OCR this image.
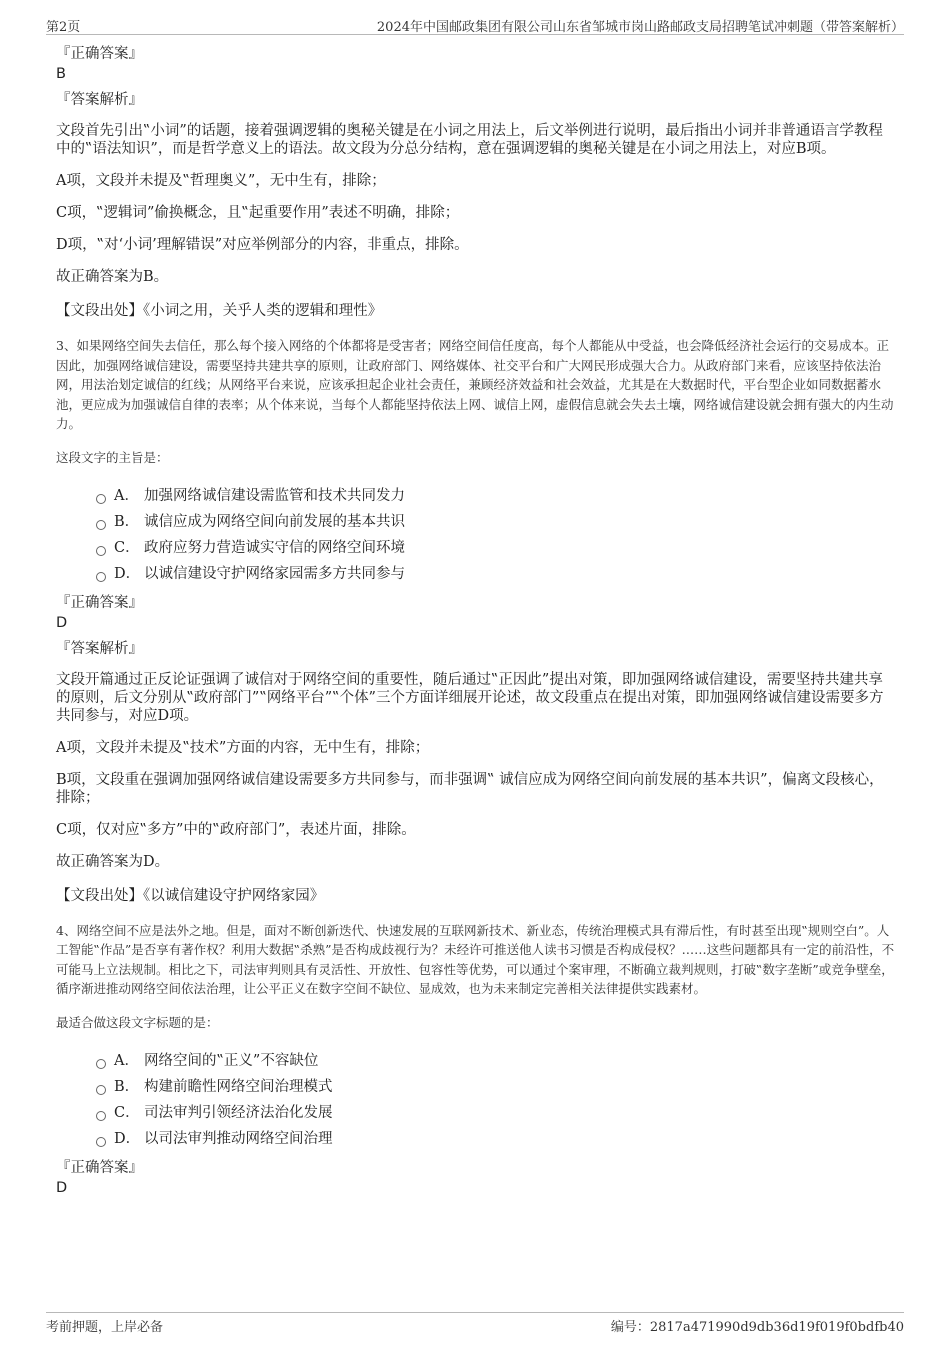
第2页	2024年中国邮政集团有限公司山东省邹城市岗山路邮政支局招聘笔试冲刺题（带答案解析）
『正确答案』
B
『答案解析』
文段首先引出‟小词”的话题，接着强调逻辑的奥秘关键是在小词之用法上，后文举例进行说明，最后指出小词并非普通语言学教程中的‟语法知识”，而是哲学意义上的语法。故文段为分总分结构，意在强调逻辑的奥秘关键是在小词之用法上，对应B项。
A项，文段并未提及‟哲理奥义”，无中生有，排除；
C项，‟逻辑词”偷换概念，且‟起重要作用”表述不明确，排除；
D项，‟对‘小词’理解错误”对应举例部分的内容，非重点，排除。
故正确答案为B。
【文段出处】《小词之用，关乎人类的逻辑和理性》
3、如果网络空间失去信任，那么每个接入网络的个体都将是受害者；网络空间信任度高，每个人都能从中受益，也会降低经济社会运行的交易成本。正因此，加强网络诚信建设，需要坚持共建共享的原则，让政府部门、网络媒体、社交平台和广大网民形成强大合力。从政府部门来看，应该坚持依法治网，用法治划定诚信的红线；从网络平台来说，应该承担起企业社会责任，兼顾经济效益和社会效益，尤其是在大数据时代，平台型企业如同数据蓄水池，更应成为加强诚信自律的表率；从个体来说，当每个人都能坚持依法上网、诚信上网，虚假信息就会失去土壤，网络诚信建设就会拥有强大的内生动力。
这段文字的主旨是：
A． 加强网络诚信建设需监管和技术共同发力
B． 诚信应成为网络空间向前发展的基本共识
C． 政府应努力营造诚实守信的网络空间环境
D． 以诚信建设守护网络家园需多方共同参与
『正确答案』
D
『答案解析』
文段开篇通过正反论证强调了诚信对于网络空间的重要性，随后通过‟正因此”提出对策，即加强网络诚信建设，需要坚持共建共享的原则，后文分别从‟政府部门”‟网络平台”‟个体”三个方面详细展开论述，故文段重点在提出对策，即加强网络诚信建设需要多方共同参与，对应D项。
A项，文段并未提及‟技术”方面的内容，无中生有，排除；
B项，文段重在强调加强网络诚信建设需要多方共同参与，而非强调‟ 诚信应成为网络空间向前发展的基本共识”，偏离文段核心，排除；
C项，仅对应‟多方”中的‟政府部门”，表述片面，排除。
故正确答案为D。
【文段出处】《以诚信建设守护网络家园》
4、网络空间不应是法外之地。但是，面对不断创新迭代、快速发展的互联网新技术、新业态，传统治理模式具有滞后性，有时甚至出现‟规则空白”。人工智能‟作品”是否享有著作权？利用大数据‟杀熟”是否构成歧视行为？未经许可推送他人读书习惯是否构成侵权？……这些问题都具有一定的前沿性，不可能马上立法规制。相比之下，司法审判则具有灵活性、开放性、包容性等优势，可以通过个案审理，不断确立裁判规则，打破‟数字垄断”或竞争壁垒，循序渐进推动网络空间依法治理，让公平正义在数字空间不缺位、显成效，也为未来制定完善相关法律提供实践素材。
最适合做这段文字标题的是：
A． 网络空间的‟正义”不容缺位
B． 构建前瞻性网络空间治理模式
C． 司法审判引领经济法治化发展
D． 以司法审判推动网络空间治理
『正确答案』
D
考前押题，上岸必备	编号：2817a471990d9db36d19f019f0bdfb40
